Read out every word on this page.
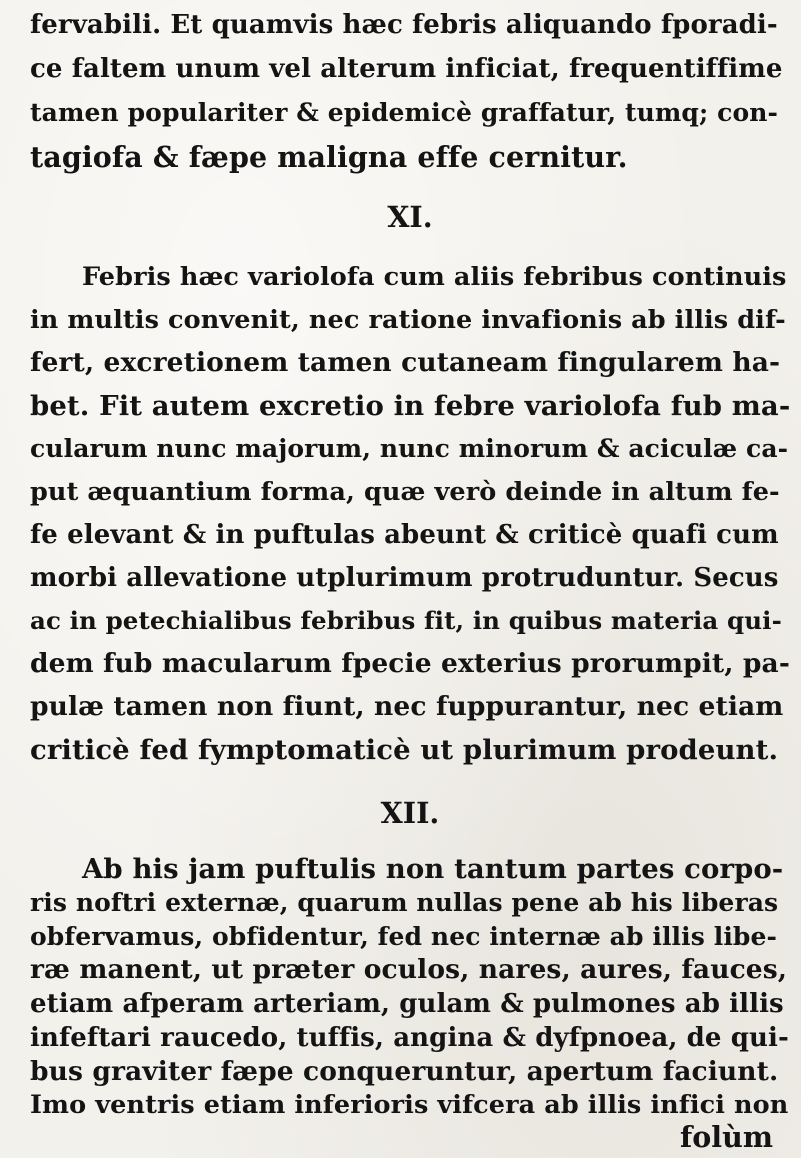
fervabili. Et quamvis hæc febris aliquando fporadi-
ce faltem unum vel alterum inficiat, frequentiffime
tamen populariter & epidemicè graffatur, tumq; con-
tagiofa & fæpe maligna effe cernitur.
XI.
Febris hæc variolofa cum aliis febribus continuis
in multis convenit, nec ratione invafionis ab illis dif-
fert, excretionem tamen cutaneam fingularem ha-
bet. Fit autem excretio in febre variolofa fub ma-
cularum nunc majorum, nunc minorum & aciculæ ca-
put æquantium forma, quæ verò deinde in altum fe-
fe elevant & in puftulas abeunt & criticè quafi cum
morbi allevatione utplurimum protruduntur. Secus
ac in petechialibus febribus fit, in quibus materia qui-
dem fub macularum fpecie exterius prorumpit, pa-
pulæ tamen non fiunt, nec fuppurantur, nec etiam
criticè fed fymptomaticè ut plurimum prodeunt.
XII.
Ab his jam puftulis non tantum partes corpo-
ris noftri externæ, quarum nullas pene ab his liberas
obfervamus, obfidentur, fed nec internæ ab illis libe-
ræ manent, ut præter oculos, nares, aures, fauces,
etiam afperam arteriam, gulam & pulmones ab illis
infeftari raucedo, tuffis, angina & dyfpnoea, de qui-
bus graviter fæpe conqueruntur, apertum faciunt.
Imo ventris etiam inferioris vifcera ab illis infici non
folùm
